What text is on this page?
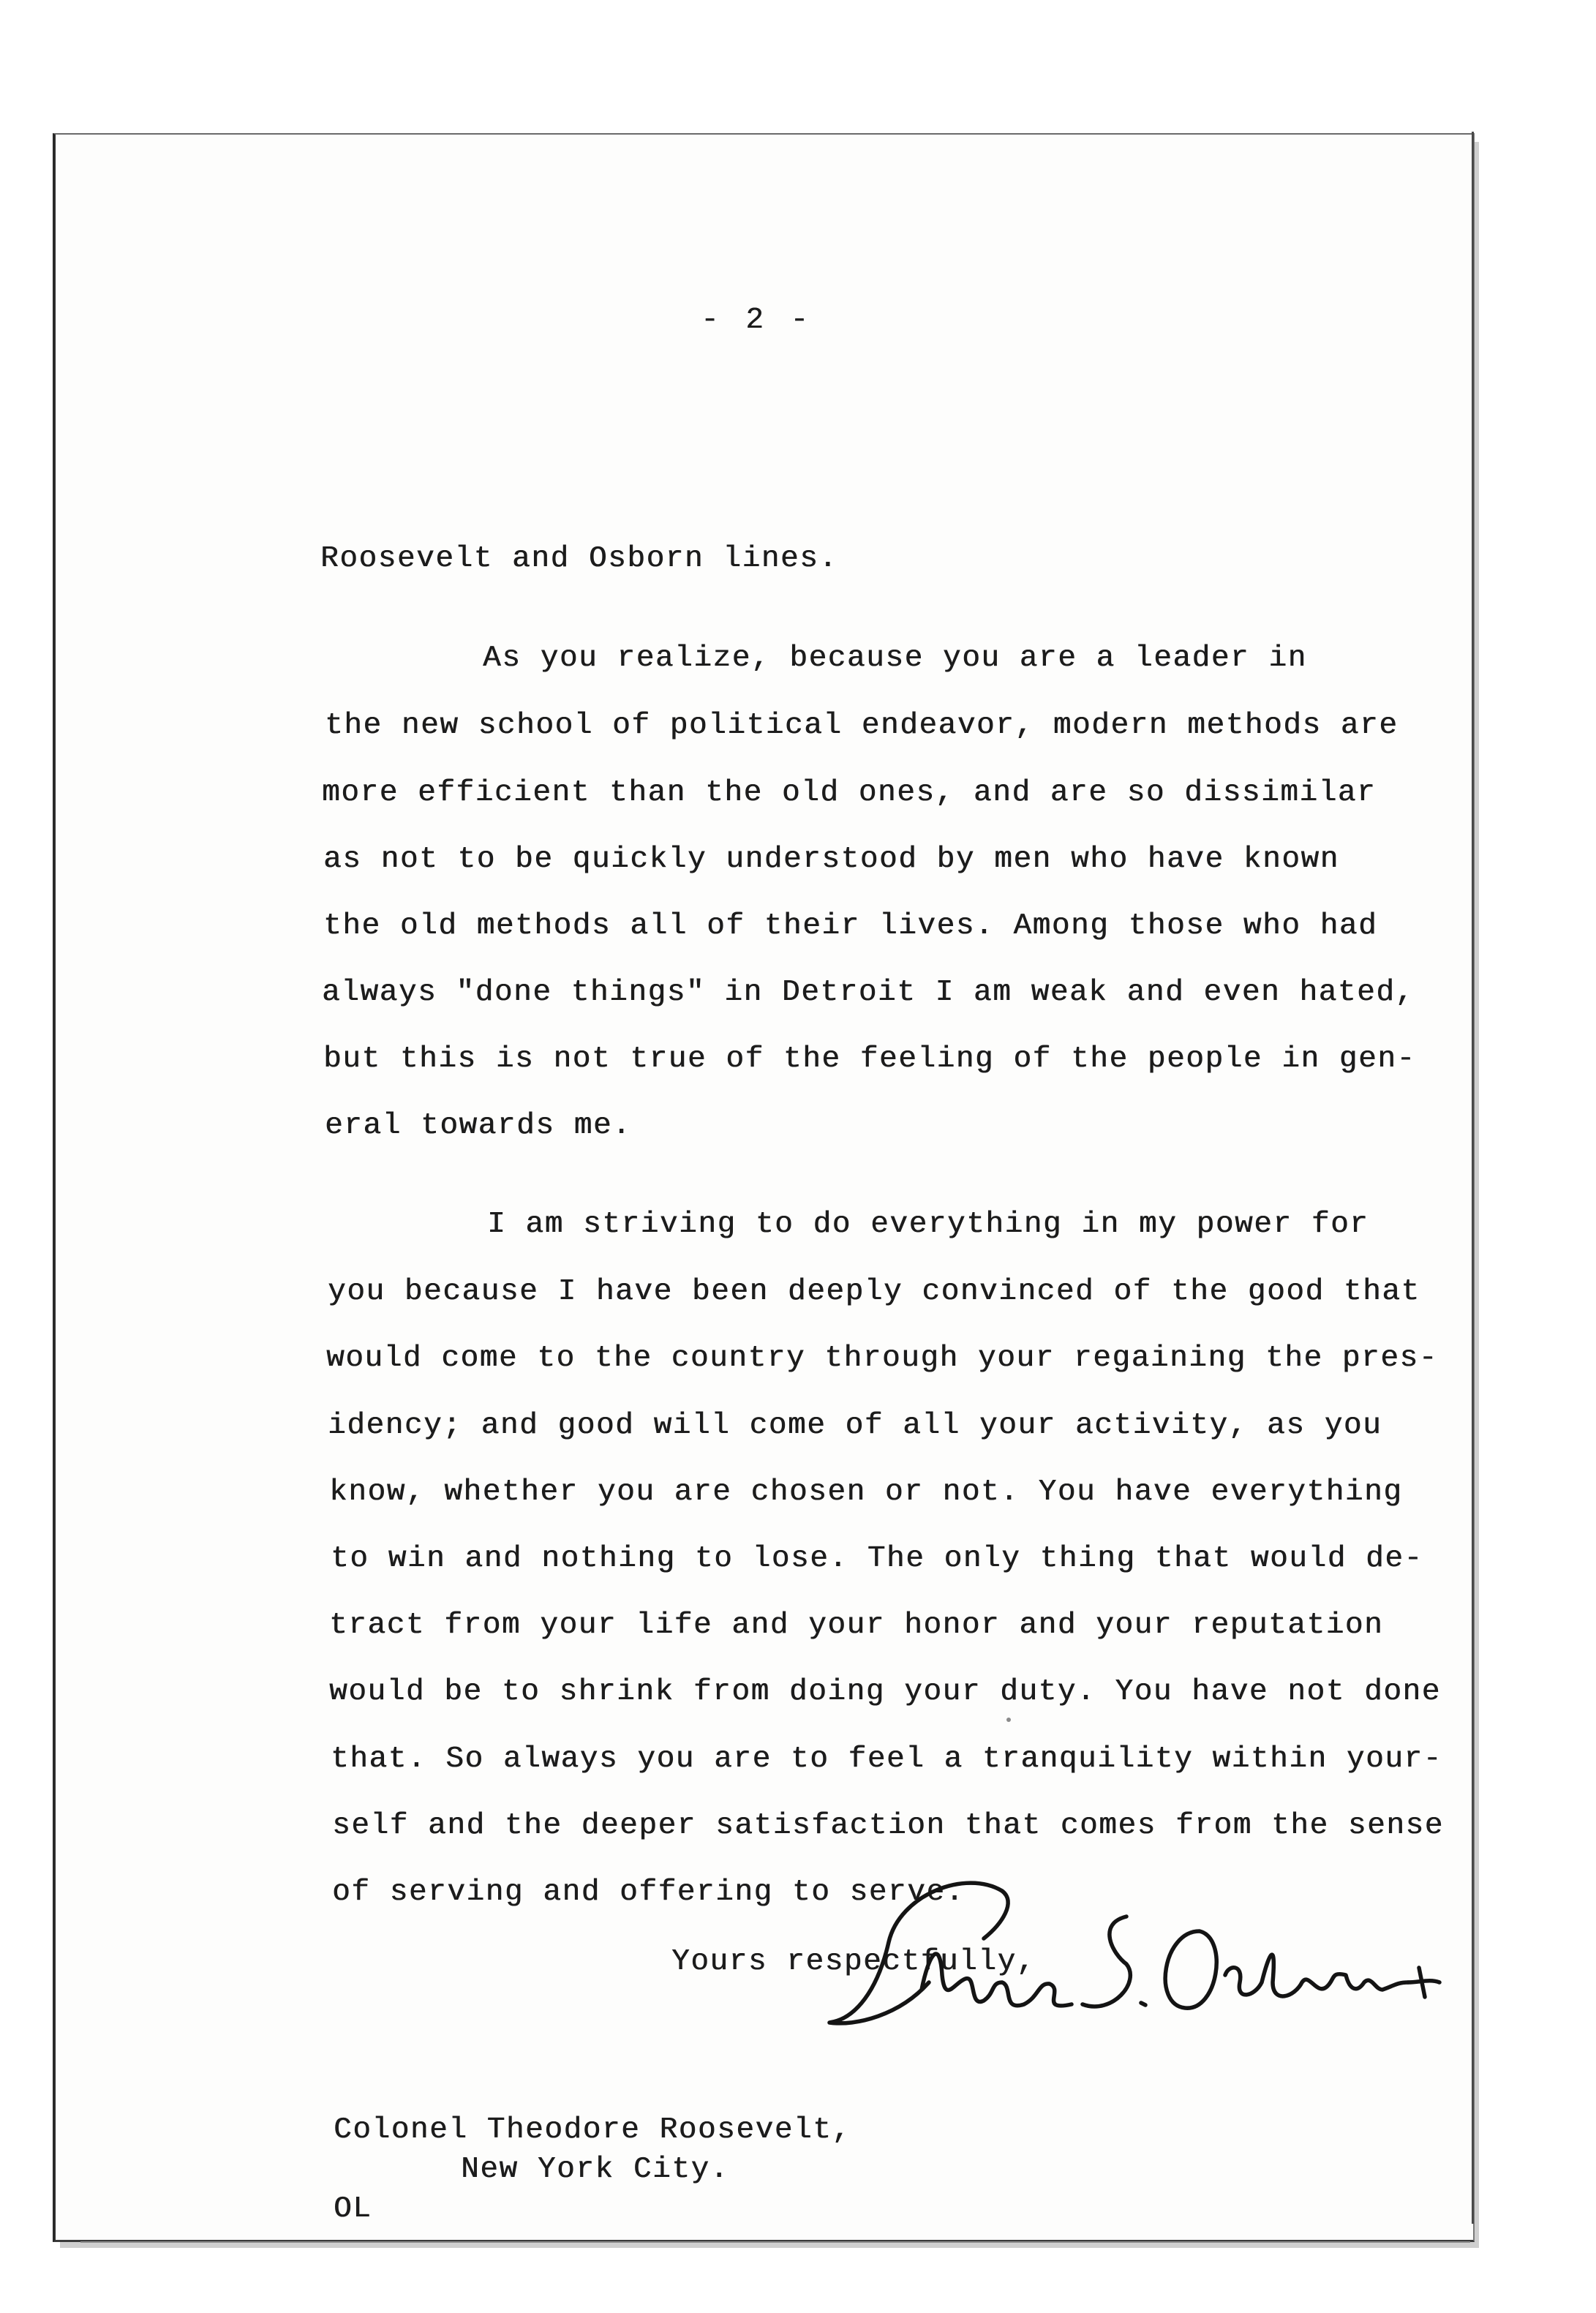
- 2 -
Roosevelt and Osborn lines.
As you realize, because you are a leader in
the new school of political endeavor, modern methods are
more efficient than the old ones, and are so dissimilar
as not to be quickly understood by men who have known
the old methods all of their lives. Among those who had
always "done things" in Detroit I am weak and even hated,
but this is not true of the feeling of the people in gen-
eral towards me.
I am striving to do everything in my power for
you because I have been deeply convinced of the good that
would come to the country through your regaining the pres-
idency; and good will come of all your activity, as you
know, whether you are chosen or not. You have everything
to win and nothing to lose. The only thing that would de-
tract from your life and your honor and your reputation
would be to shrink from doing your duty. You have not done
that. So always you are to feel a tranquility within your-
self and the deeper satisfaction that comes from the sense
of serving and offering to serve.
Yours respectfully,
Colonel Theodore Roosevelt,
New York City.
OL
